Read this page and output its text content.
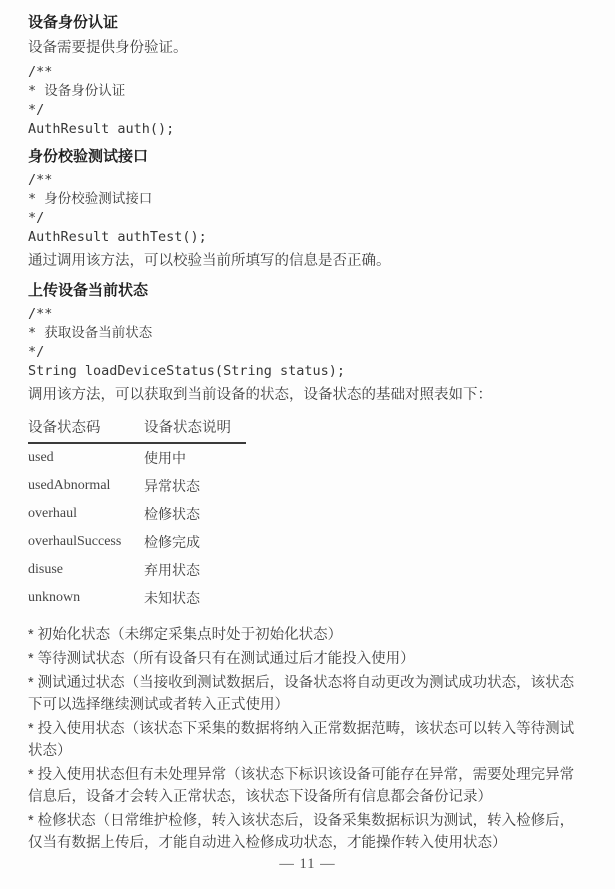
设备身份认证

设备需要提供身份验证。

/**
* 设备身份认证
*/
AuthResult auth();
身份校验测试接口
/**
* 身份校验测试接口
*/
AuthResult authTest();

通过调用该方法，可以校验当前所填写的信息是否正确。

上传设备当前状态
/**
* 获取设备当前状态
*/
String loadDeviceStatus(String status);

调用该方法，可以获取到当前设备的状态，设备状态的基础对照表如下：

设备状态码	设备状态说明
used	使用中
usedAbnormal	异常状态
overhaul	检修状态
overhaulSuccess	检修完成
disuse	弃用状态
unknown	未知状态

* 初始化状态（未绑定采集点时处于初始化状态）

* 等待测试状态（所有设备只有在测试通过后才能投入使用）

* 测试通过状态（当接收到测试数据后，设备状态将自动更改为测试成功状态，该状态下可以选择继续测试或者转入正式使用）

* 投入使用状态（该状态下采集的数据将纳入正常数据范畴，该状态可以转入等待测试状态）

* 投入使用状态但有未处理异常（该状态下标识该设备可能存在异常，需要处理完异常信息后，设备才会转入正常状态，该状态下设备所有信息都会备份记录）

* 检修状态（日常维护检修，转入该状态后，设备采集数据标识为测试，转入检修后，仅当有数据上传后，才能自动进入检修成功状态，才能操作转入使用状态）

— 11 —
